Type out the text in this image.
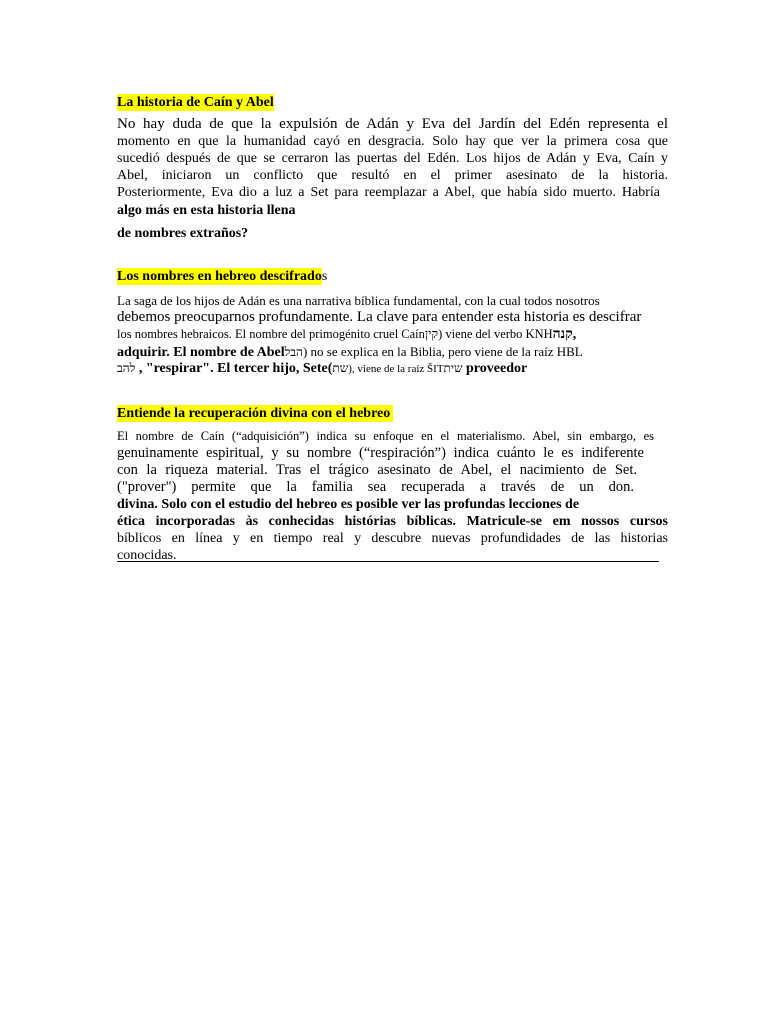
La historia de Caín y Abel
No hay duda de que la expulsión de Adán y Eva del Jardín del Edén representa el
momento en que la humanidad cayó en desgracia. Solo hay que ver la primera cosa que
sucedió después de que se cerraron las puertas del Edén. Los hijos de Adán y Eva, Caín y
Abel, iniciaron un conflicto que resultó en el primer asesinato de la historia.
Posteriormente, Eva dio a luz a Set para reemplazar a Abel, que había sido muerto. Habría
algo más en esta historia llena
de nombres extraños?
Los nombres en hebreo descifrados
La saga de los hijos de Adán es una narrativa bíblica fundamental, con la cual todos nosotros
debemos preocuparnos profundamente. La clave para entender esta historia es descifrar
los nombres hebraicos. El nombre del primogénito cruel Caínקין) viene del verbo KNHקנה,
adquirir. El nombre de Abelהבל) no se explica en la Biblia, pero viene de la raíz HBL
להב , "respirar". El tercer hijo, Sete(שת), viene de la raíz ŠITשית proveedor
Entiende la recuperación divina con el hebreo
El nombre de Caín (“adquisición”) indica su enfoque en el materialismo. Abel, sin embargo, es
genuinamente espiritual, y su nombre (“respiración”) indica cuánto le es indiferente
con la riqueza material. Tras el trágico asesinato de Abel, el nacimiento de Set.
("prover") permite que la familia sea recuperada a través de un don.
divina. Solo con el estudio del hebreo es posible ver las profundas lecciones de
ética incorporadas às conhecidas histórias bíblicas. Matricule-se em nossos cursos
bíblicos en línea y en tiempo real y descubre nuevas profundidades de las historias
conocidas.
